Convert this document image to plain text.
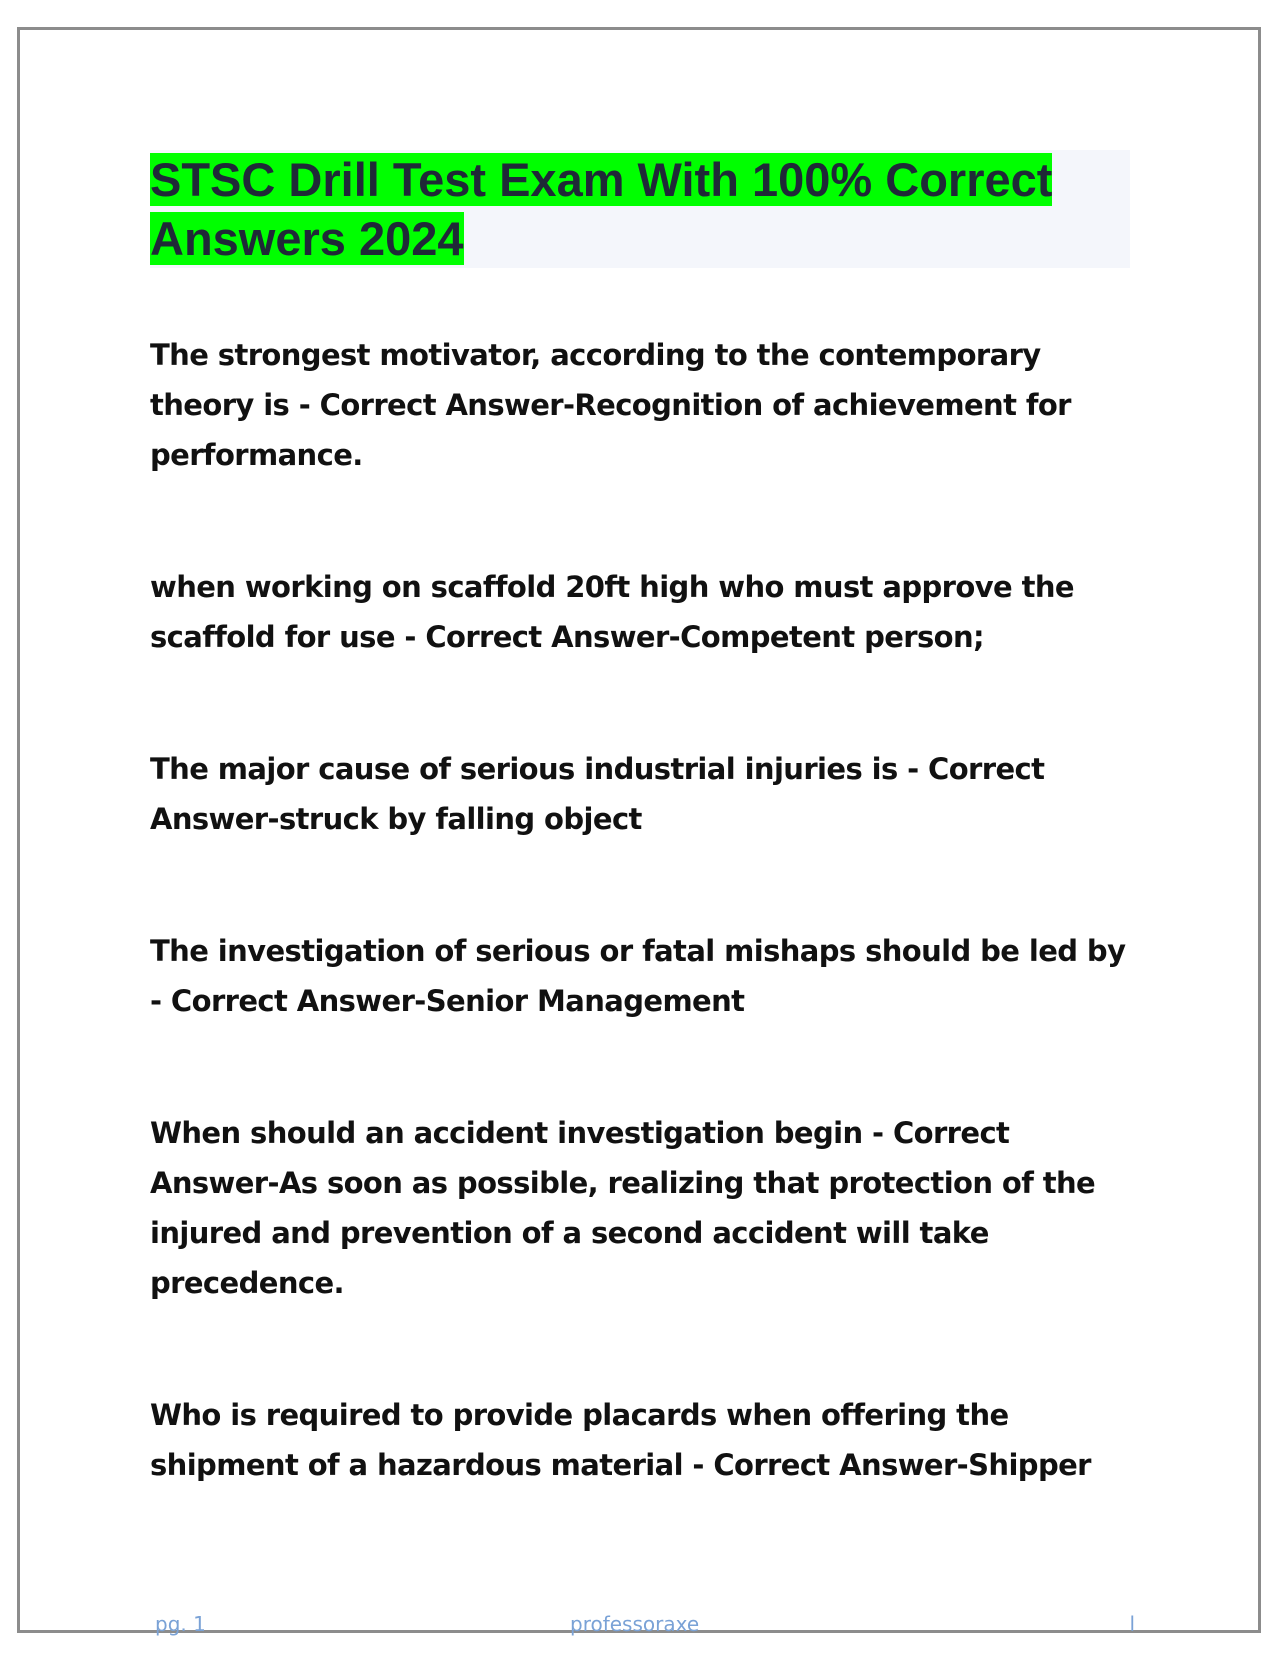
STSC Drill Test Exam With 100% Correct Answers 2024

The strongest motivator, according to the contemporary theory is - Correct Answer-Recognition of achievement for performance.

when working on scaffold 20ft high who must approve the scaffold for use - Correct Answer-Competent person;

The major cause of serious industrial injuries is - Correct Answer-struck by falling object

The investigation of serious or fatal mishaps should be led by - Correct Answer-Senior Management

When should an accident investigation begin - Correct Answer-As soon as possible, realizing that protection of the injured and prevention of a second accident will take precedence.

Who is required to provide placards when offering the shipment of a hazardous material - Correct Answer-Shipper

pg. 1	professoraxe	l
